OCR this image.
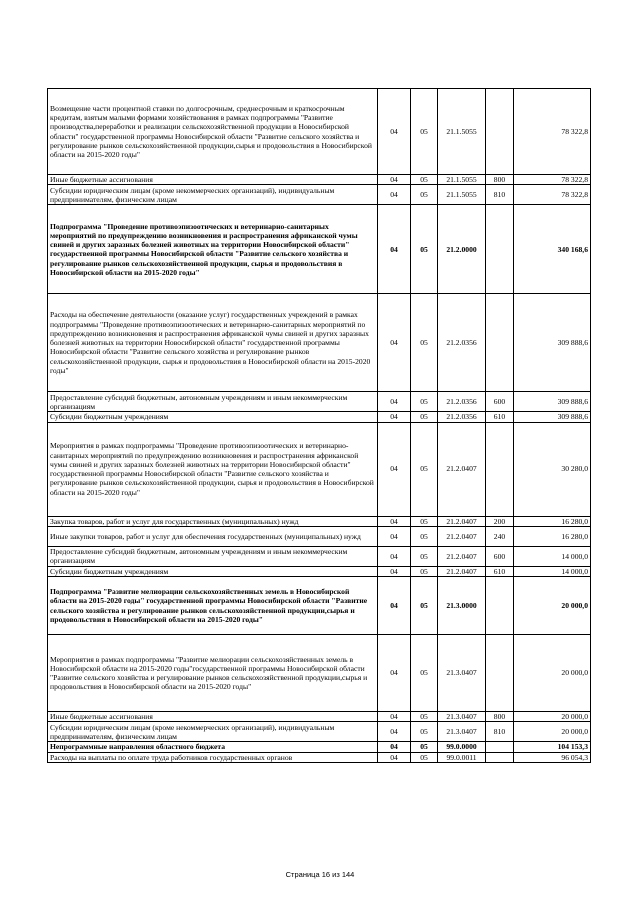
Возмещение части процентной ставки по долгосрочным, среднесрочным и краткосрочным кредитам, взятым малыми формами хозяйствования в рамках подпрограммы "Развитие производства,переработки и реализации сельскохозяйственной продукции в Новосибирской области" государственной программы Новосибирской области "Развитие сельского хозяйства и регулирование рынков сельскохозяйственной продукции,сырья и продовольствия в Новосибирской области на 2015-2020 годы"	04	05	21.1.5055		78 322,8
Иные бюджетные ассигнования	04	05	21.1.5055	800	78 322,8
Субсидии юридическим лицам (кроме некоммерческих организаций), индивидуальным предпринимателям, физическим лицам	04	05	21.1.5055	810	78 322,8
Подпрограмма "Проведение противоэпизоотических и ветеринарно-санитарных мероприятий по предупреждению возникновения и распространения африканской чумы свиней и других заразных болезней животных на территории Новосибирской области" государственной программы Новосибирской области "Развитие сельского хозяйства и регулирование рынков сельскохозяйственной продукции, сырья и продовольствия в Новосибирской области на 2015-2020 годы"	04	05	21.2.0000		340 168,6
Расходы на обеспечение деятельности (оказание услуг) государственных учреждений в рамках подпрограммы "Проведение противоэпизоотических и ветеринарно-санитарных мероприятий по предупреждению возникновения и распространения африканской чумы свиней и других заразных болезней животных на территории Новосибирской области" государственной программы Новосибирской области "Развитие сельского хозяйства и регулирование рынков сельскохозяйственной продукции, сырья и продовольствия в Новосибирской области на 2015-2020 годы"	04	05	21.2.0356		309 888,6
Предоставление субсидий бюджетным, автономным учреждениям и иным некоммерческим организациям	04	05	21.2.0356	600	309 888,6
Субсидии бюджетным учреждениям	04	05	21.2.0356	610	309 888,6
Мероприятия в рамках подпрограммы "Проведение противоэпизоотических и ветеринарно-санитарных мероприятий по предупреждению возникновения и распространения африканской чумы свиней и других заразных болезней животных на территории Новосибирской области" государственной программы Новосибирской области "Развитие сельского хозяйства и регулирование рынков сельскохозяйственной продукции, сырья и продовольствия в Новосибирской области на 2015-2020 годы"	04	05	21.2.0407		30 280,0
Закупка товаров, работ и услуг для государственных (муниципальных) нужд	04	05	21.2.0407	200	16 280,0
Иные закупки товаров, работ и услуг для обеспечения государственных (муниципальных) нужд	04	05	21.2.0407	240	16 280,0
Предоставление субсидий бюджетным, автономным учреждениям и иным некоммерческим организациям	04	05	21.2.0407	600	14 000,0
Субсидии бюджетным учреждениям	04	05	21.2.0407	610	14 000,0
Подпрограмма "Развитие мелиорации сельскохозяйственных земель в Новосибирской области на 2015-2020 годы" государственной программы Новосибирской области "Развитие сельского хозяйства и регулирование рынков сельскохозяйственной продукции,сырья и продовольствия в Новосибирской области на 2015-2020 годы"	04	05	21.3.0000		20 000,0
Мероприятия в рамках подпрограммы "Развитие мелиорации сельскохозяйственных земель в Новосибирской области на 2015-2020 годы"государственной программы Новосибирской области "Развитие сельского хозяйства и регулирование рынков сельскохозяйственной продукции,сырья и продовольствия в Новосибирской области на 2015-2020 годы"	04	05	21.3.0407		20 000,0
Иные бюджетные ассигнования	04	05	21.3.0407	800	20 000,0
Субсидии юридическим лицам (кроме некоммерческих организаций), индивидуальным предпринимателям, физическим лицам	04	05	21.3.0407	810	20 000,0
Непрограммные направления областного бюджета	04	05	99.0.0000		104 153,3
Расходы на выплаты по оплате труда работников государственных органов	04	05	99.0.0011		96 054,3
Страница 16 из 144
